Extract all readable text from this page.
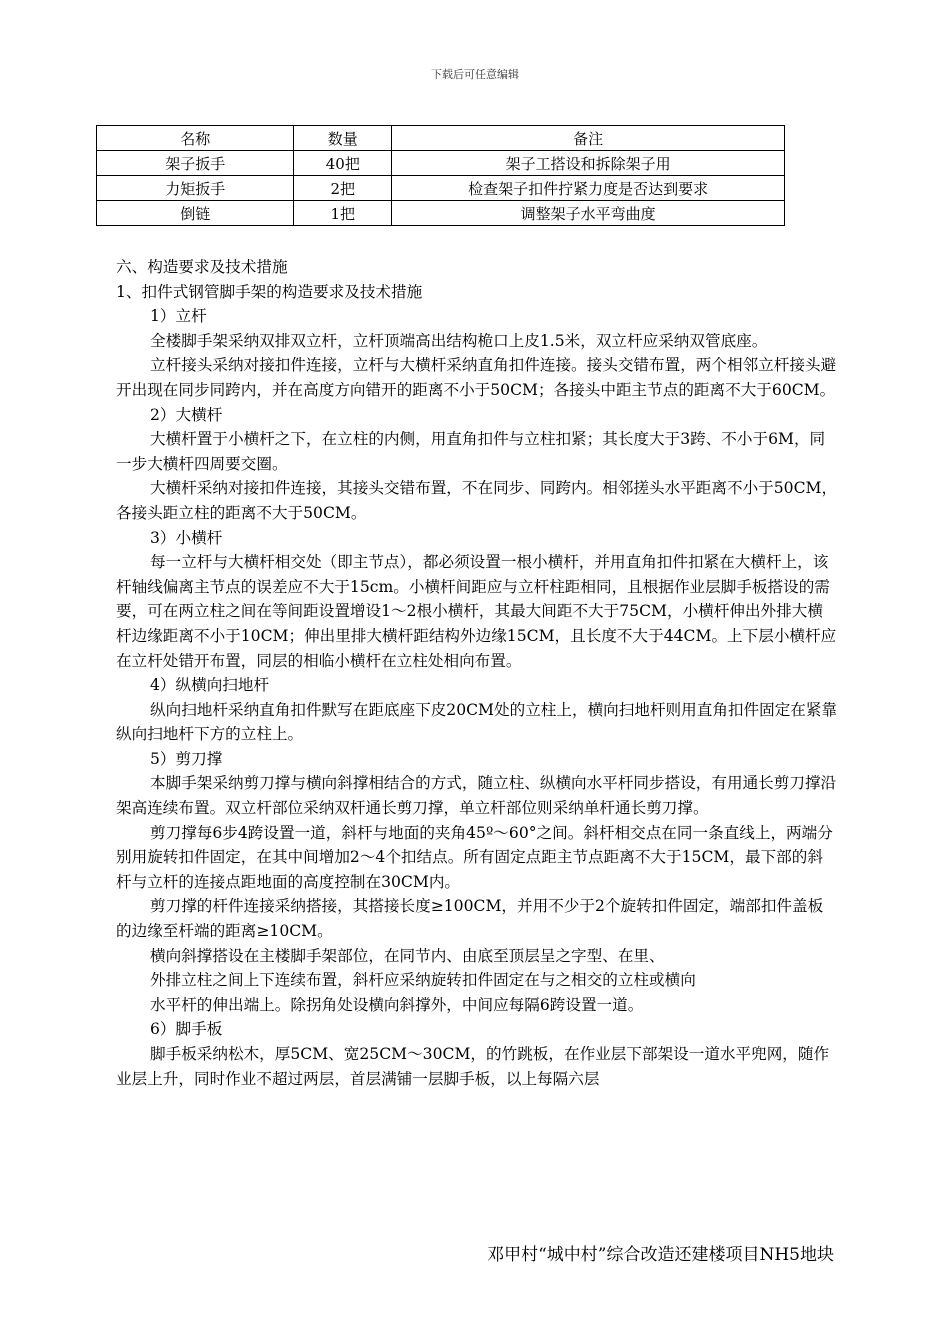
下载后可任意编辑
名称	数量	备注
架子扳手	40把	架子工搭设和拆除架子用
力矩扳手	2把	检查架子扣件拧紧力度是否达到要求
倒链	1把	调整架子水平弯曲度

六、构造要求及技术措施

1、扣件式钢管脚手架的构造要求及技术措施

1）立杆

全楼脚手架采纳双排双立杆，立杆顶端高出结构桅口上皮1.5米，双立杆应采纳双管底座。

立杆接头采纳对接扣件连接，立杆与大横杆采纳直角扣件连接。接头交错布置，两个相邻立杆接头避开出现在同步同跨内，并在高度方向错开的距离不小于50CM；各接头中距主节点的距离不大于60CM。

2）大横杆

大横杆置于小横杆之下，在立柱的内侧，用直角扣件与立柱扣紧；其长度大于3跨、不小于6M，同一步大横杆四周要交圈。

大横杆采纳对接扣件连接，其接头交错布置，不在同步、同跨内。相邻搓头水平距离不小于50CM，各接头距立柱的距离不大于50CM。

3）小横杆

每一立杆与大横杆相交处（即主节点），都必须设置一根小横杆，并用直角扣件扣紧在大横杆上，该杆轴线偏离主节点的误差应不大于15cm。小横杆间距应与立杆柱距相同，且根据作业层脚手板搭设的需要，可在两立柱之间在等间距设置增设1～2根小横杆，其最大间距不大于75CM，小横杆伸出外排大横杆边缘距离不小于10CM；伸出里排大横杆距结构外边缘15CM，且长度不大于44CM。上下层小横杆应在立杆处错开布置，同层的相临小横杆在立柱处相向布置。

4）纵横向扫地杆

纵向扫地杆采纳直角扣件默写在距底座下皮20CM处的立柱上，横向扫地杆则用直角扣件固定在紧靠纵向扫地杆下方的立柱上。

5）剪刀撑

本脚手架采纳剪刀撑与横向斜撑相结合的方式，随立柱、纵横向水平杆同步搭设，有用通长剪刀撑沿架高连续布置。双立杆部位采纳双杆通长剪刀撑，单立杆部位则采纳单杆通长剪刀撑。

剪刀撑每6步4跨设置一道，斜杆与地面的夹角45º～60°之间。斜杆相交点在同一条直线上，两端分别用旋转扣件固定，在其中间增加2～4个扣结点。所有固定点距主节点距离不大于15CM，最下部的斜杆与立杆的连接点距地面的高度控制在30CM内。

剪刀撑的杆件连接采纳搭接，其搭接长度≥100CM，并用不少于2个旋转扣件固定，端部扣件盖板的边缘至杆端的距离≥10CM。

横向斜撑搭设在主楼脚手架部位，在同节内、由底至顶层呈之字型、在里、

外排立柱之间上下连续布置，斜杆应采纳旋转扣件固定在与之相交的立柱或横向

水平杆的伸出端上。除拐角处设横向斜撑外，中间应每隔6跨设置一道。

6）脚手板

脚手板采纳松木，厚5CM、宽25CM～30CM，的竹跳板，在作业层下部架设一道水平兜网，随作业层上升，同时作业不超过两层，首层满铺一层脚手板，以上每隔六层

邓甲村“城中村”综合改造还建楼项目NH5地块
